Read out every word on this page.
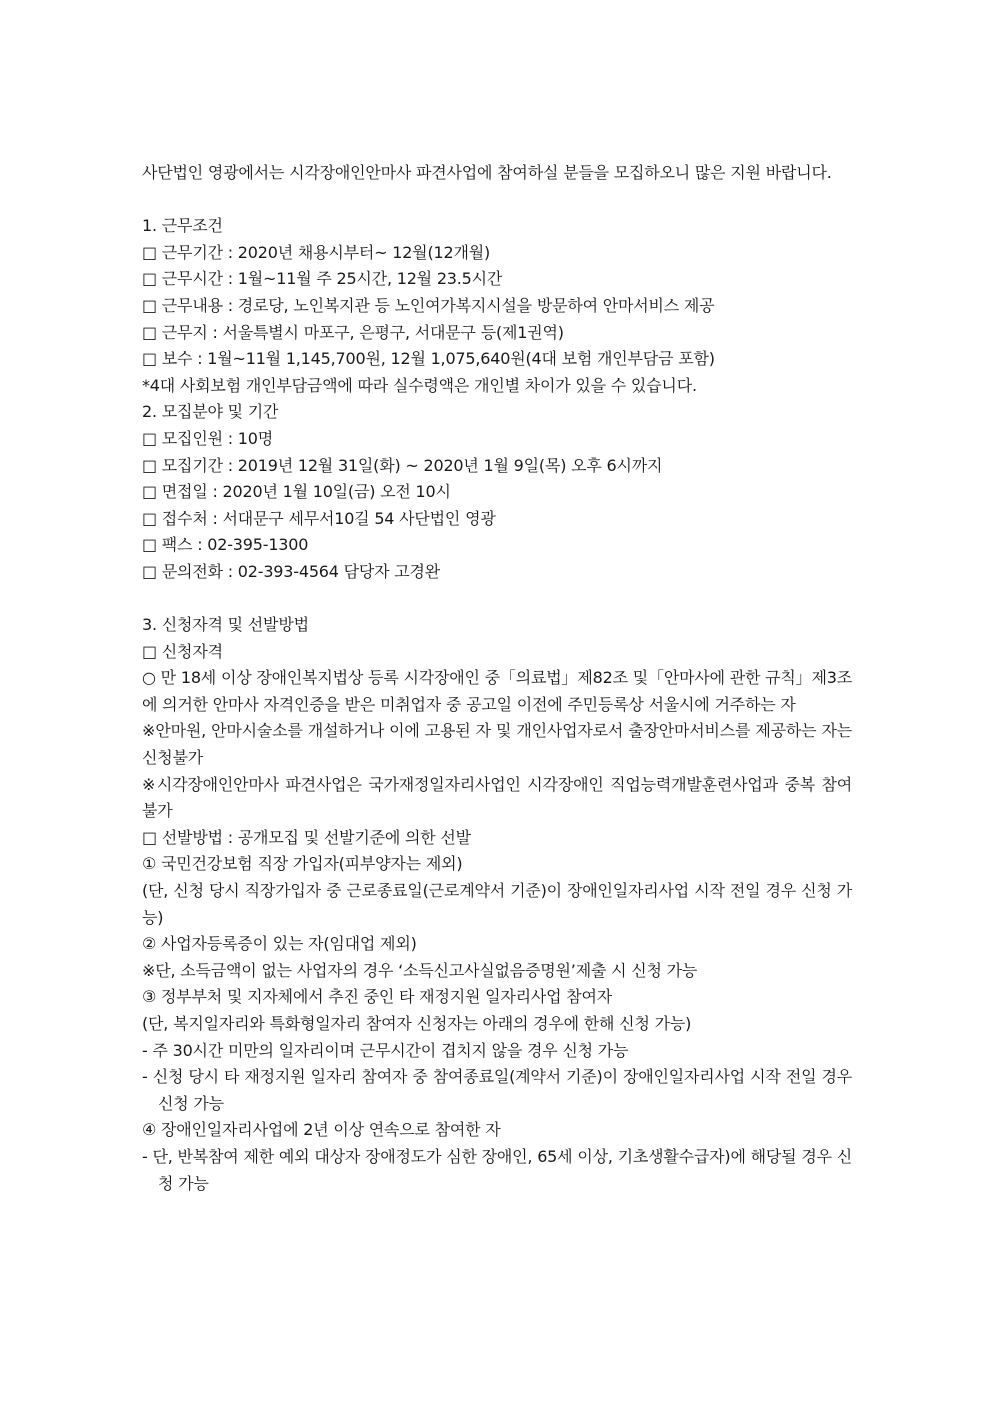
사단법인 영광에서는 시각장애인안마사 파견사업에 참여하실 분들을 모집하오니 많은 지원 바랍니다.

1. 근무조건

□ 근무기간 : 2020년 채용시부터~ 12월(12개월)

□ 근무시간 : 1월~11월 주 25시간, 12월 23.5시간

□ 근무내용 : 경로당, 노인복지관 등 노인여가복지시설을 방문하여 안마서비스 제공

□ 근무지 : 서울특별시 마포구, 은평구, 서대문구 등(제1권역)

□ 보수 : 1월~11월 1,145,700원, 12월 1,075,640원(4대 보험 개인부담금 포함)

*4대 사회보험 개인부담금액에 따라 실수령액은 개인별 차이가 있을 수 있습니다.

2. 모집분야 및 기간

□ 모집인원 : 10명

□ 모집기간 : 2019년 12월 31일(화) ~ 2020년 1월 9일(목) 오후 6시까지

□ 면접일 : 2020년 1월 10일(금) 오전 10시

□ 접수처 : 서대문구 세무서10길 54 사단법인 영광

□ 팩스 : 02-395-1300

□ 문의전화 : 02-393-4564 담당자 고경완

3. 신청자격 및 선발방법

□ 신청자격

○ 만 18세 이상 장애인복지법상 등록 시각장애인 중「의료법」제82조 및「안마사에 관한 규칙」제3조에 의거한 안마사 자격인증을 받은 미취업자 중 공고일 이전에 주민등록상 서울시에 거주하는 자

※안마원, 안마시술소를 개설하거나 이에 고용된 자 및 개인사업자로서 출장안마서비스를 제공하는 자는 신청불가

※시각장애인안마사 파견사업은 국가재정일자리사업인 시각장애인 직업능력개발훈련사업과 중복 참여 불가

□ 선발방법 : 공개모집 및 선발기준에 의한 선발

① 국민건강보험 직장 가입자(피부양자는 제외)

(단, 신청 당시 직장가입자 중 근로종료일(근로계약서 기준)이 장애인일자리사업 시작 전일 경우 신청 가능)

② 사업자등록증이 있는 자(임대업 제외)

※단, 소득금액이 없는 사업자의 경우 ‘소득신고사실없음증명원’제출 시 신청 가능

③ 정부부처 및 지자체에서 추진 중인 타 재정지원 일자리사업 참여자

(단, 복지일자리와 특화형일자리 참여자 신청자는 아래의 경우에 한해 신청 가능)

- 주 30시간 미만의 일자리이며 근무시간이 겹치지 않을 경우 신청 가능

- 신청 당시 타 재정지원 일자리 참여자 중 참여종료일(계약서 기준)이 장애인일자리사업 시작 전일 경우 신청 가능

④ 장애인일자리사업에 2년 이상 연속으로 참여한 자

- 단, 반복참여 제한 예외 대상자 장애정도가 심한 장애인, 65세 이상, 기초생활수급자)에 해당될 경우 신청 가능
